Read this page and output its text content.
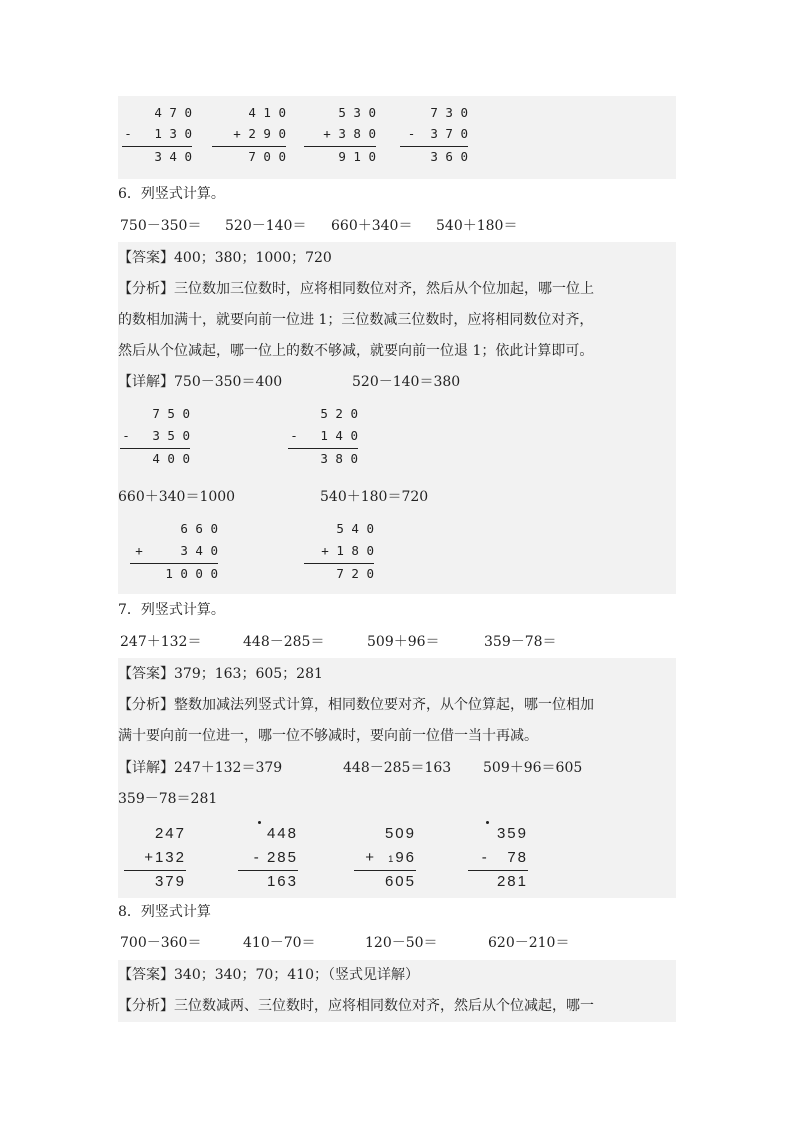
4 7 0
- 1 3 0
3 4 0
4 1 0
+ 2 9 0
7 0 0
5 3 0
+ 3 8 0
9 1 0
7 3 0
- 3 7 0
3 6 0
6．列竖式计算。
750－350＝ 520－140＝ 660＋340＝ 540＋180＝
【答案】400；380；1000；720
【分析】三位数加三位数时，应将相同数位对齐，然后从个位加起，哪一位上
的数相加满十，就要向前一位进 1；三位数减三位数时，应将相同数位对齐，
然后从个位减起，哪一位上的数不够减，就要向前一位退 1；依此计算即可。
【详解】750－350＝400	520－140＝380
7 5 0
- 3 5 0
4 0 0
5 2 0
- 1 4 0
3 8 0
660＋340＝1000	540＋180＝720
6 6 0
+	3 4 0
1 0 0 0
5 4 0
+ 1 8 0
7 2 0
7．列竖式计算。
247＋132＝	448－285＝	509＋96＝	359－78＝
【答案】379；163；605；281
【分析】整数加减法列竖式计算，相同数位要对齐，从个位算起，哪一位相加
满十要向前一位进一，哪一位不够减时，要向前一位借一当十再减。
【详解】247＋132＝379	448－285＝163 509＋96＝605
359－78＝281
247
+132
379
448
- 285
163
509
+ 196
605
359
- 78
281
8．列竖式计算
700－360＝	410－70＝	120－50＝	620－210＝
【答案】340；340；70；410；（竖式见详解）
【分析】三位数减两、三位数时，应将相同数位对齐，然后从个位减起，哪一
